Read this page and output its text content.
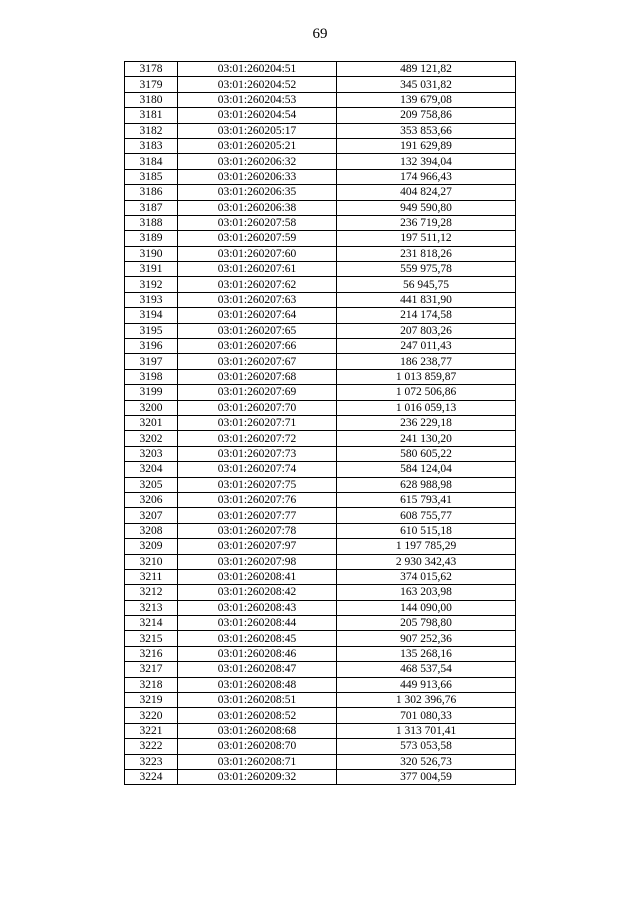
69
3178	03:01:260204:51	489 121,82
3179	03:01:260204:52	345 031,82
3180	03:01:260204:53	139 679,08
3181	03:01:260204:54	209 758,86
3182	03:01:260205:17	353 853,66
3183	03:01:260205:21	191 629,89
3184	03:01:260206:32	132 394,04
3185	03:01:260206:33	174 966,43
3186	03:01:260206:35	404 824,27
3187	03:01:260206:38	949 590,80
3188	03:01:260207:58	236 719,28
3189	03:01:260207:59	197 511,12
3190	03:01:260207:60	231 818,26
3191	03:01:260207:61	559 975,78
3192	03:01:260207:62	56 945,75
3193	03:01:260207:63	441 831,90
3194	03:01:260207:64	214 174,58
3195	03:01:260207:65	207 803,26
3196	03:01:260207:66	247 011,43
3197	03:01:260207:67	186 238,77
3198	03:01:260207:68	1 013 859,87
3199	03:01:260207:69	1 072 506,86
3200	03:01:260207:70	1 016 059,13
3201	03:01:260207:71	236 229,18
3202	03:01:260207:72	241 130,20
3203	03:01:260207:73	580 605,22
3204	03:01:260207:74	584 124,04
3205	03:01:260207:75	628 988,98
3206	03:01:260207:76	615 793,41
3207	03:01:260207:77	608 755,77
3208	03:01:260207:78	610 515,18
3209	03:01:260207:97	1 197 785,29
3210	03:01:260207:98	2 930 342,43
3211	03:01:260208:41	374 015,62
3212	03:01:260208:42	163 203,98
3213	03:01:260208:43	144 090,00
3214	03:01:260208:44	205 798,80
3215	03:01:260208:45	907 252,36
3216	03:01:260208:46	135 268,16
3217	03:01:260208:47	468 537,54
3218	03:01:260208:48	449 913,66
3219	03:01:260208:51	1 302 396,76
3220	03:01:260208:52	701 080,33
3221	03:01:260208:68	1 313 701,41
3222	03:01:260208:70	573 053,58
3223	03:01:260208:71	320 526,73
3224	03:01:260209:32	377 004,59
